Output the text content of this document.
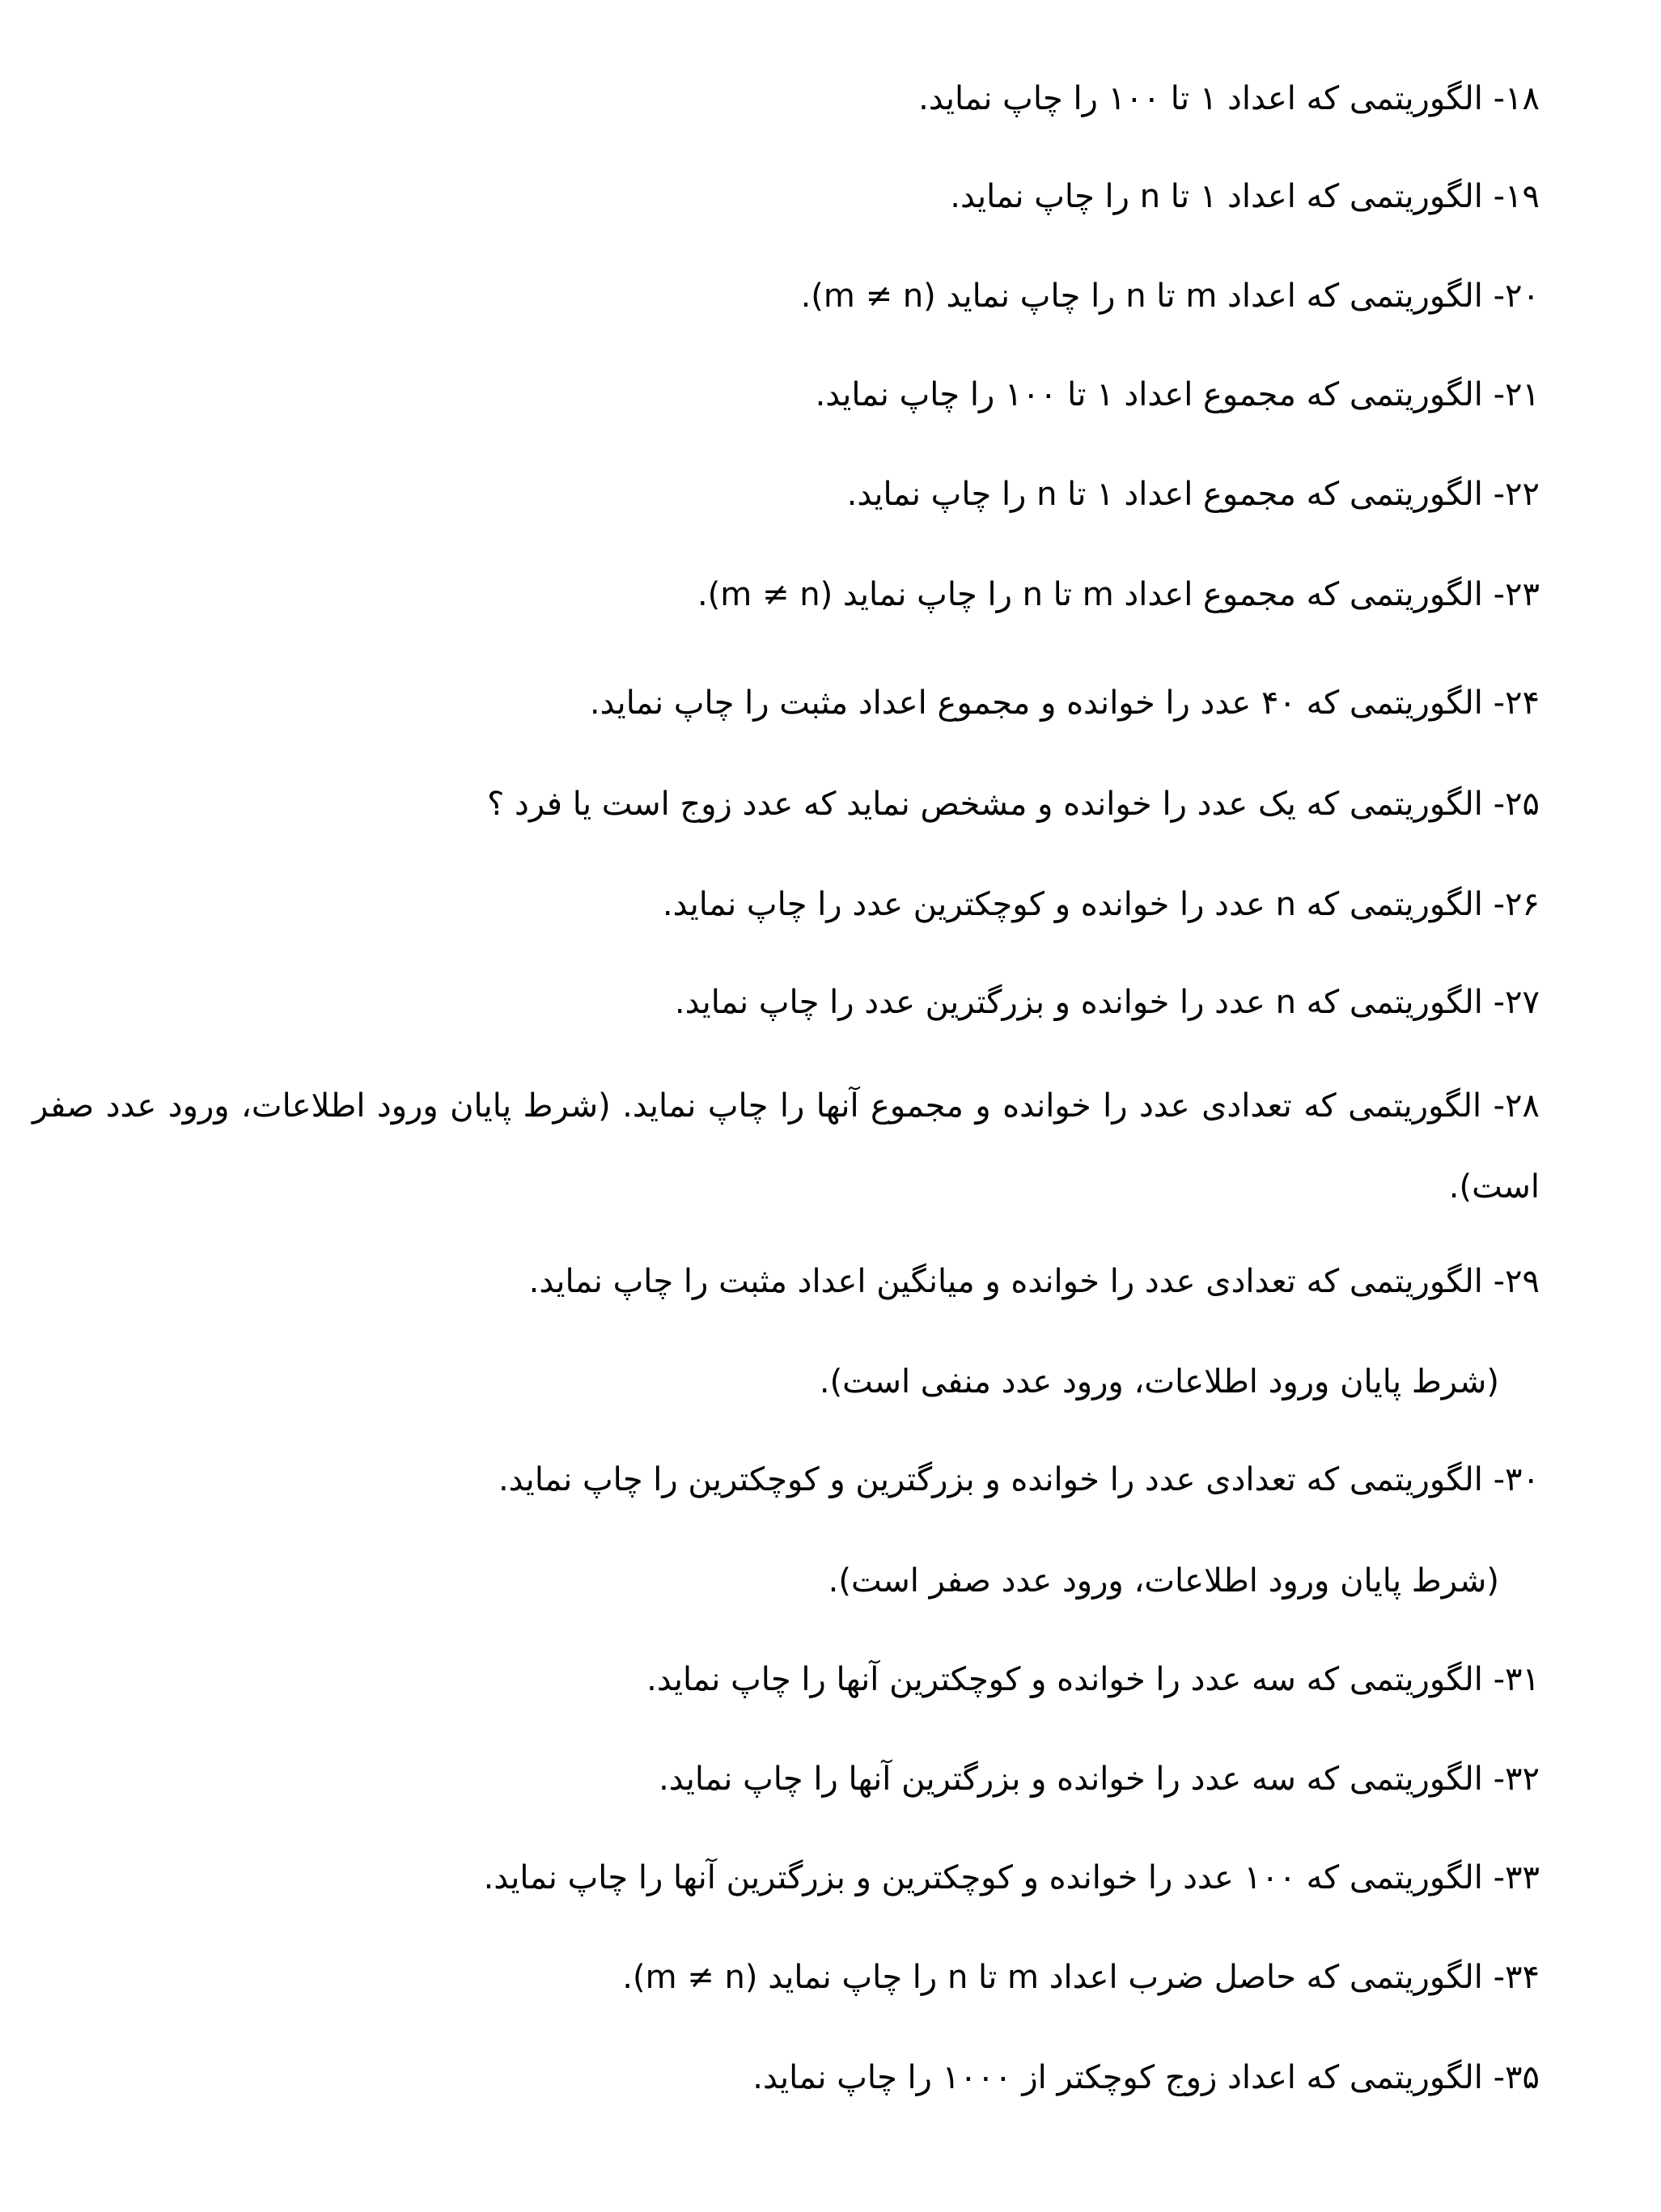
۱۸- الگوریتمی که اعداد ۱ تا ۱۰۰ را چاپ نماید.
۱۹- الگوریتمی که اعداد ۱ تا n را چاپ نماید.
۲۰- الگوریتمی که اعداد m تا n را چاپ نماید (m ≠ n).
۲۱- الگوریتمی که مجموع اعداد ۱ تا ۱۰۰ را چاپ نماید.
۲۲- الگوریتمی که مجموع اعداد ۱ تا n را چاپ نماید.
۲۳- الگوریتمی که مجموع اعداد m تا n را چاپ نماید (m ≠ n).
۲۴- الگوریتمی که ۴۰ عدد را خوانده و مجموع اعداد مثبت را چاپ نماید.
۲۵- الگوریتمی که یک عدد را خوانده و مشخص نماید که عدد زوج است یا فرد ؟
۲۶- الگوریتمی که n عدد را خوانده و کوچکترین عدد را چاپ نماید.
۲۷- الگوریتمی که n عدد را خوانده و بزرگترین عدد را چاپ نماید.
۲۸- الگوریتمی که تعدادی عدد را خوانده و مجموع آنها را چاپ نماید. (شرط پایان ورود اطلاعات، ورود عدد صفر است).
۲۹- الگوریتمی که تعدادی عدد را خوانده و میانگین اعداد مثبت را چاپ نماید.
(شرط پایان ورود اطلاعات، ورود عدد منفی است).
۳۰- الگوریتمی که تعدادی عدد را خوانده و بزرگترین و کوچکترین را چاپ نماید.
(شرط پایان ورود اطلاعات، ورود عدد صفر است).
۳۱- الگوریتمی که سه عدد را خوانده و کوچکترین آنها را چاپ نماید.
۳۲- الگوریتمی که سه عدد را خوانده و بزرگترین آنها را چاپ نماید.
۳۳- الگوریتمی که ۱۰۰ عدد را خوانده و کوچکترین و بزرگترین آنها را چاپ نماید.
۳۴- الگوریتمی که حاصل ضرب اعداد m تا n را چاپ نماید (m ≠ n).
۳۵- الگوریتمی که اعداد زوج کوچکتر از ۱۰۰۰ را چاپ نماید.
